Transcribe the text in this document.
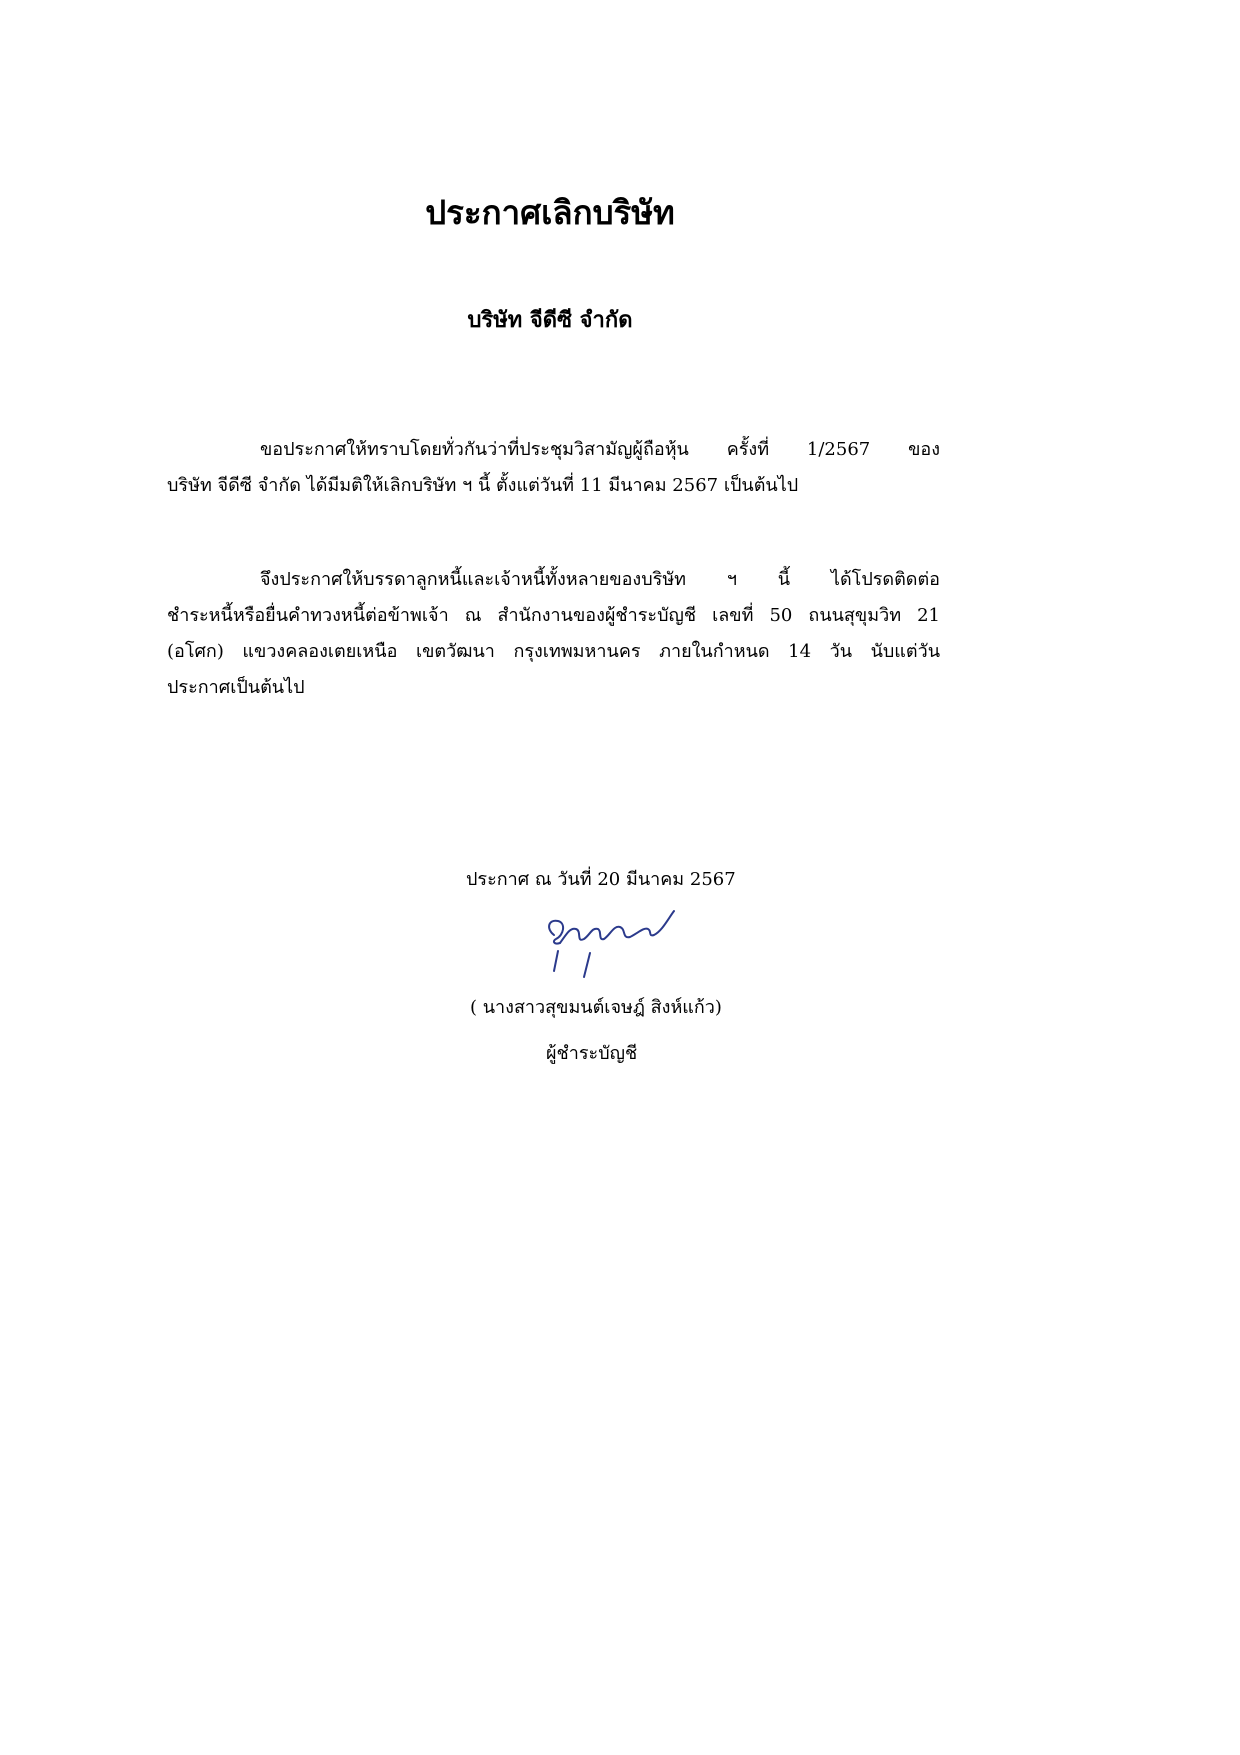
ประกาศเลิกบริษัท
บริษัท จีดีซี จำกัด
ขอประกาศให้ทราบโดยทั่วกันว่าที่ประชุมวิสามัญผู้ถือหุ้น ครั้งที่ 1/2567 ของ
บริษัท จีดีซี จำกัด ได้มีมติให้เลิกบริษัท ฯ นี้ ตั้งแต่วันที่ 11 มีนาคม 2567 เป็นต้นไป
จึงประกาศให้บรรดาลูกหนี้และเจ้าหนี้ทั้งหลายของบริษัท ฯ นี้ ได้โปรดติดต่อ
ชำระหนี้หรือยื่นคำทวงหนี้ต่อข้าพเจ้า ณ สำนักงานของผู้ชำระบัญชี เลขที่ 50 ถนนสุขุมวิท 21
(อโศก) แขวงคลองเตยเหนือ เขตวัฒนา กรุงเทพมหานคร ภายในกำหนด 14 วัน นับแต่วัน
ประกาศเป็นต้นไป
ประกาศ ณ วันที่ 20 มีนาคม 2567
( นางสาวสุขมนต์เจษฎ์ สิงห์แก้ว)
ผู้ชำระบัญชี
